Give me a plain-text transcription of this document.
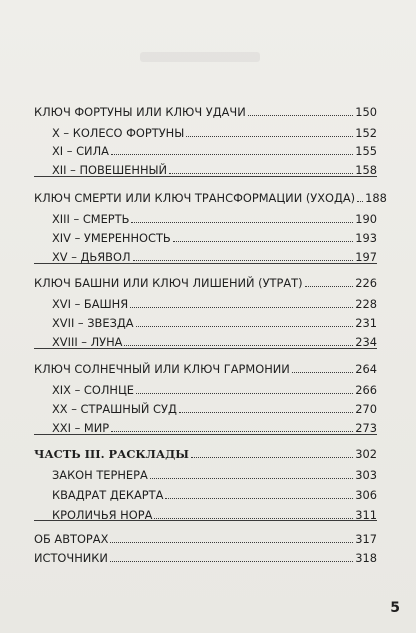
КЛЮЧ ФОРТУНЫ ИЛИ КЛЮЧ УДАЧИ	150
X – КОЛЕСО ФОРТУНЫ	152
XI – СИЛА	155
XII – ПОВЕШЕННЫЙ	158
КЛЮЧ СМЕРТИ ИЛИ КЛЮЧ ТРАНСФОРМАЦИИ (УХОДА) 188
XIII – СМЕРТЬ	190
XIV – УМЕРЕННОСТЬ	193
XV – ДЬЯВОЛ	197
КЛЮЧ БАШНИ ИЛИ КЛЮЧ ЛИШЕНИЙ (УТРАТ)	226
XVI – БАШНЯ	228
XVII – ЗВЕЗДА	231
XVIII – ЛУНА	234
КЛЮЧ СОЛНЕЧНЫЙ ИЛИ КЛЮЧ ГАРМОНИИ	264
XIX – СОЛНЦЕ	266
XX – СТРАШНЫЙ СУД	270
XXI – МИР	273
ЧАСТЬ III. РАСКЛАДЫ	302
ЗАКОН ТЕРНЕРА	303
КВАДРАТ ДЕКАРТА	306
КРОЛИЧЬЯ НОРА	311
ОБ АВТОРАХ	317
ИСТОЧНИКИ	318
5
